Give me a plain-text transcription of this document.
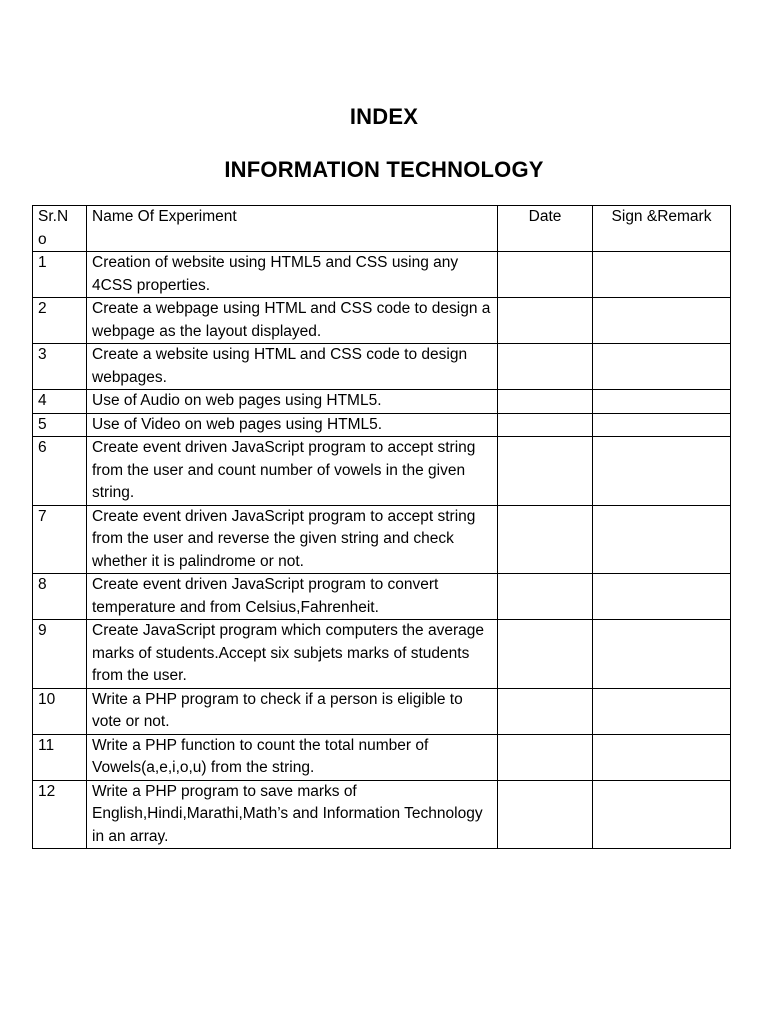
INDEX
INFORMATION TECHNOLOGY
Sr.N o	Name Of Experiment	Date	Sign &Remark
1	Creation of website using HTML5 and CSS using any 4CSS properties.		
2	Create a webpage using HTML and CSS code to design a webpage as the layout displayed.		
3	Create a website using HTML and CSS code to design webpages.		
4	Use of Audio on web pages using HTML5.		
5	Use of Video on web pages using HTML5.		
6	Create event driven JavaScript program to accept string from the user and count number of vowels in the given string.		
7	Create event driven JavaScript program to accept string from the user and reverse the given string and check whether it is palindrome or not.		
8	Create event driven JavaScript program to convert temperature and from Celsius,Fahrenheit.		
9	Create JavaScript program which computers the average marks of students.Accept six subjets marks of students from the user.		
10	Write a PHP program to check if a person is eligible to vote or not.		
11	Write a PHP function to count the total number of Vowels(a,e,i,o,u) from the string.		
12	Write a PHP program to save marks of English,Hindi,Marathi,Math’s and Information Technology in an array.		
